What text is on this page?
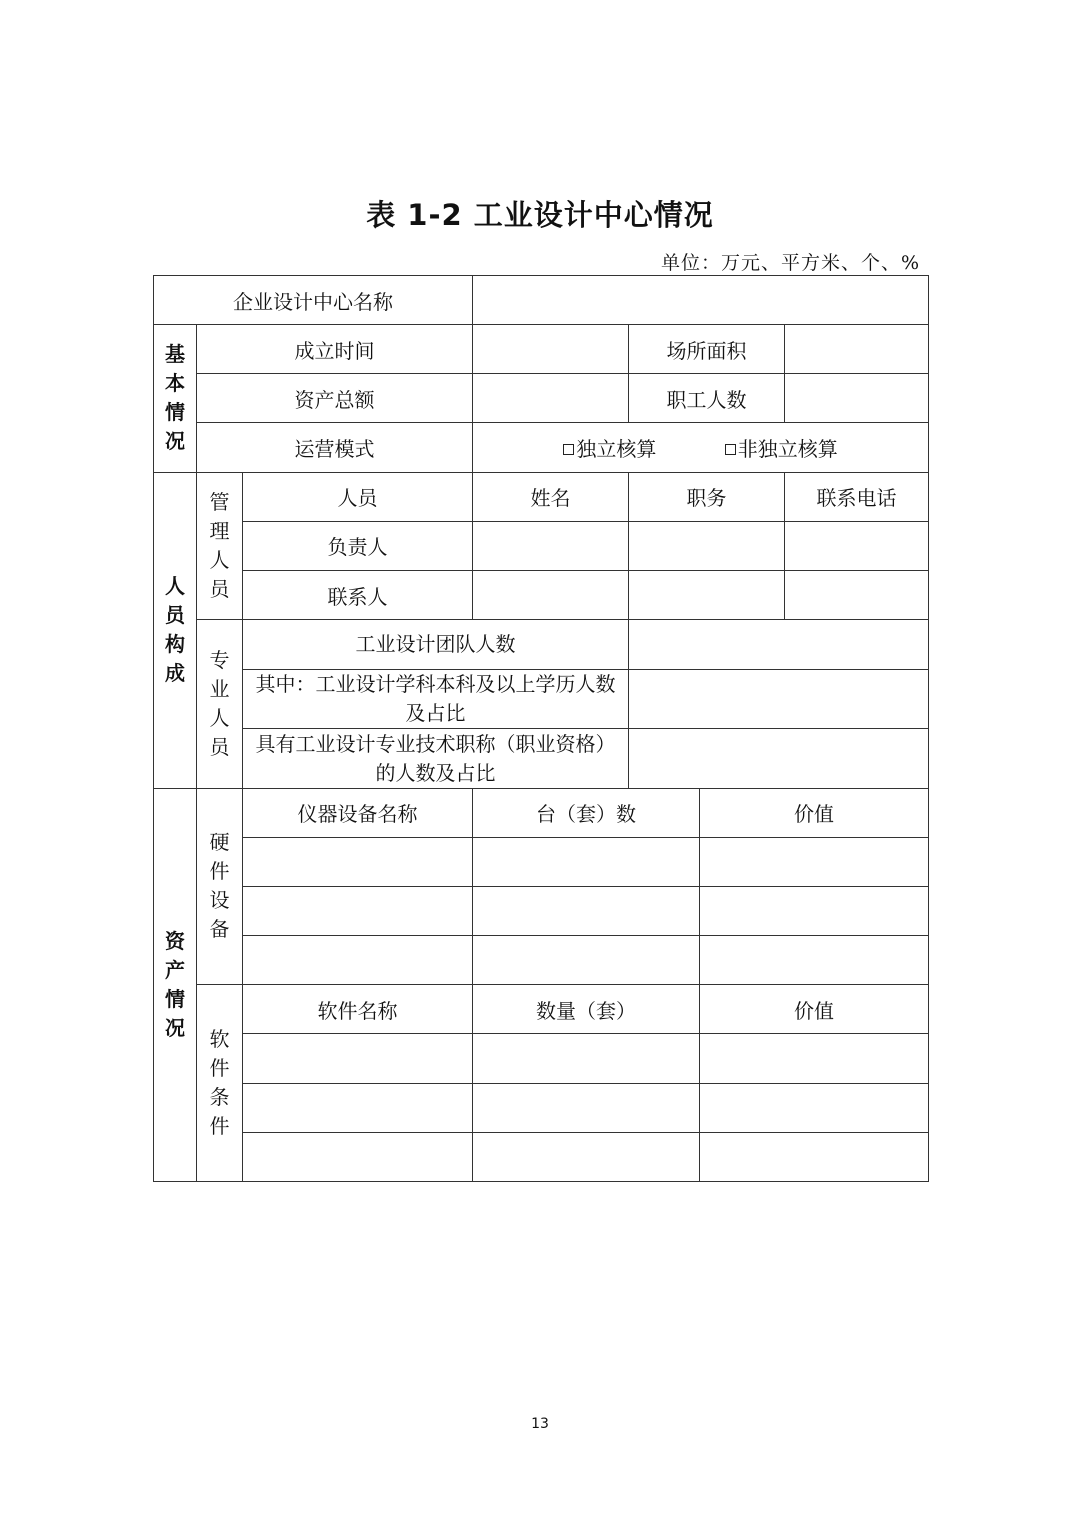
表 1-2 工业设计中心情况
单位：万元、平方米、个、%
企业设计中心名称						
基本情况	成立时间			场所面积		
	资产总额			职工人数		
	运营模式		独立核算 非独立核算			
人员构成	管理人员	人员	姓名	职务		联系电话
		负责人				
		联系人				
	专业人员	工业设计团队人数				
		其中：工业设计学科本科及以上学历人数及占比				
		具有工业设计专业技术职称（职业资格）的人数及占比				
资产情况	硬件设备	仪器设备名称	台（套）数		价值	

	软件条件	软件名称	数量（套）		价值	

13
